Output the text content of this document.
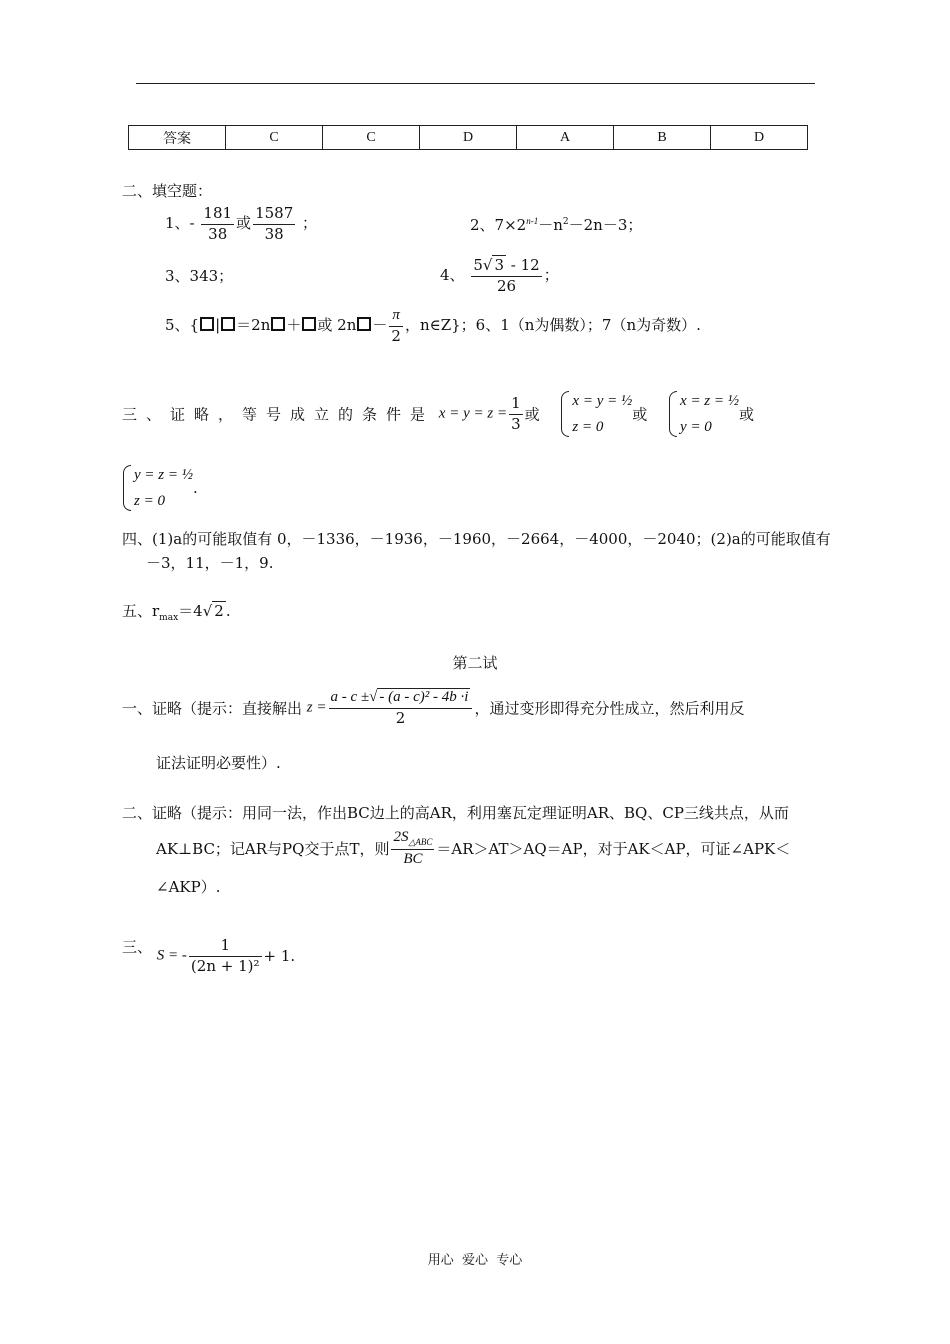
答案	C	C	D	A	B	D
二、填空题：
1、- $\frac{181}{38}$ 或 $\frac{1587}{38}$ ；	2、$7\times 2^{n-1}-n^2-2n-3$；
3、343；	4、 $\frac{5√ 3 - 12}{26}$ ；
5、{ | ＝2n ＋ 或 $2n - \frac{\pi}{2}$ ，n∈Z}；6、1（n为偶数）；7（n为奇数）.
三、证略，等号成立的条件是 $x = y = z = \frac{1}{3}$ 或
x = y = ½
z = 0
或
x = z = ½
y = 0
或
y = z = ½
z = 0
.
四、(1)a的可能取值有 0，－1336，－1936，－1960，－2664，－4000，－2040；(2)a的可能取值有
－3，11，－1，9.
五、$r_{max}=4√$ 2 .
第二试
一、证略（提示：直接解出 $z = \frac{\text{a - c ±√ - (a - c)² - 4b ·i}}{2}$ ，通过变形即得充分性成立，然后利用反
证法证明必要性）.
二、证略（提示：用同一法，作出BC边上的高AR，利用塞瓦定理证明AR、BQ、CP三线共点，从而
AK⊥BC；记AR与PQ交于点T，则 $\frac{2S_{\triangle ABC}}{BC} =AR>AT>AQ=AP$，对于AK＜AP，可证∠APK＜
∠AKP）.
三、 S = - $\frac{1}{\text{(2n + 1)²}} + 1$.
用心  爱心  专心
